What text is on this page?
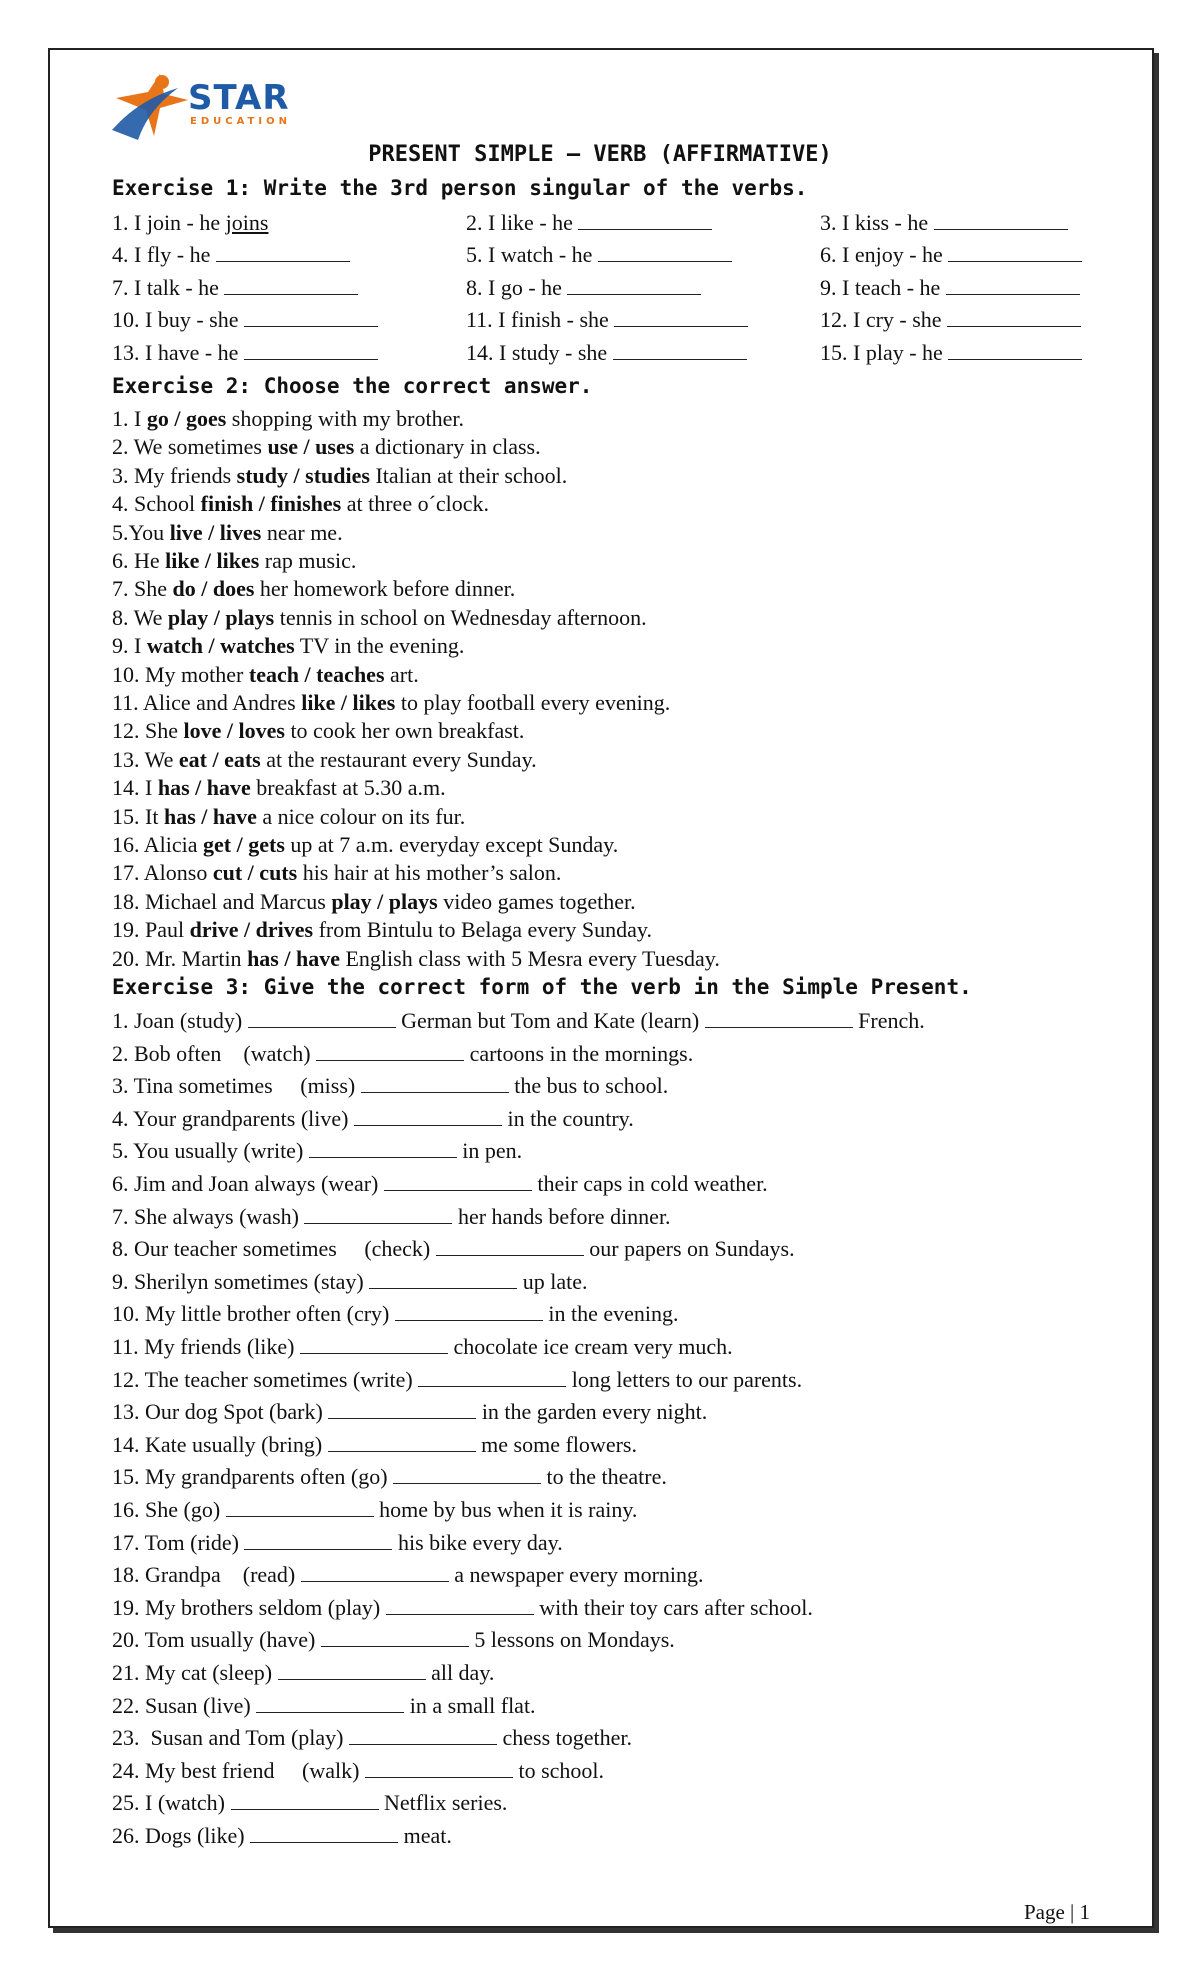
STAR
EDUCATION
PRESENT SIMPLE – VERB (AFFIRMATIVE)
Exercise 1: Write the 3rd person singular of the verbs.
1. I join - he joins	2. I like - he	3. I kiss - he
4. I fly - he	5. I watch - he	6. I enjoy - he
7. I talk - he	8. I go - he	9. I teach - he
10. I buy - she	11. I finish - she	12. I cry - she
13. I have - he	14. I study - she	15. I play - he
Exercise 2: Choose the correct answer.
1. I go / goes shopping with my brother.
2. We sometimes use / uses a dictionary in class.
3. My friends study / studies Italian at their school.
4. School finish / finishes at three o´clock.
5.You live / lives near me.
6. He like / likes rap music.
7. She do / does her homework before dinner.
8. We play / plays tennis in school on Wednesday afternoon.
9. I watch / watches TV in the evening.
10. My mother teach / teaches art.
11. Alice and Andres like / likes to play football every evening.
12. She love / loves to cook her own breakfast.
13. We eat / eats at the restaurant every Sunday.
14. I has / have breakfast at 5.30 a.m.
15. It has / have a nice colour on its fur.
16. Alicia get / gets up at 7 a.m. everyday except Sunday.
17. Alonso cut / cuts his hair at his mother’s salon.
18. Michael and Marcus play / plays video games together.
19. Paul drive / drives from Bintulu to Belaga every Sunday.
20. Mr. Martin has / have English class with 5 Mesra every Tuesday.
Exercise 3: Give the correct form of the verb in the Simple Present.
1. Joan (study)	German but Tom and Kate (learn)	French.
2. Bob often    (watch)	cartoons in the mornings.
3. Tina sometimes     (miss)	the bus to school.
4. Your grandparents (live)	in the country.
5. You usually (write)	in pen.
6. Jim and Joan always (wear)	their caps in cold weather.
7. She always (wash)	her hands before dinner.
8. Our teacher sometimes     (check)	our papers on Sundays.
9. Sherilyn sometimes (stay)	up late.
10. My little brother often (cry)	in the evening.
11. My friends (like)	chocolate ice cream very much.
12. The teacher sometimes (write)	long letters to our parents.
13. Our dog Spot (bark)	in the garden every night.
14. Kate usually (bring)	me some flowers.
15. My grandparents often (go)	to the theatre.
16. She (go)	home by bus when it is rainy.
17. Tom (ride)	his bike every day.
18. Grandpa    (read)	a newspaper every morning.
19. My brothers seldom (play)	with their toy cars after school.
20. Tom usually (have)	5 lessons on Mondays.
21. My cat (sleep)	all day.
22. Susan (live)	in a small flat.
23.  Susan and Tom (play)	chess together.
24. My best friend     (walk)	to school.
25. I (watch)	Netflix series.
26. Dogs (like)	meat.
Page | 1
